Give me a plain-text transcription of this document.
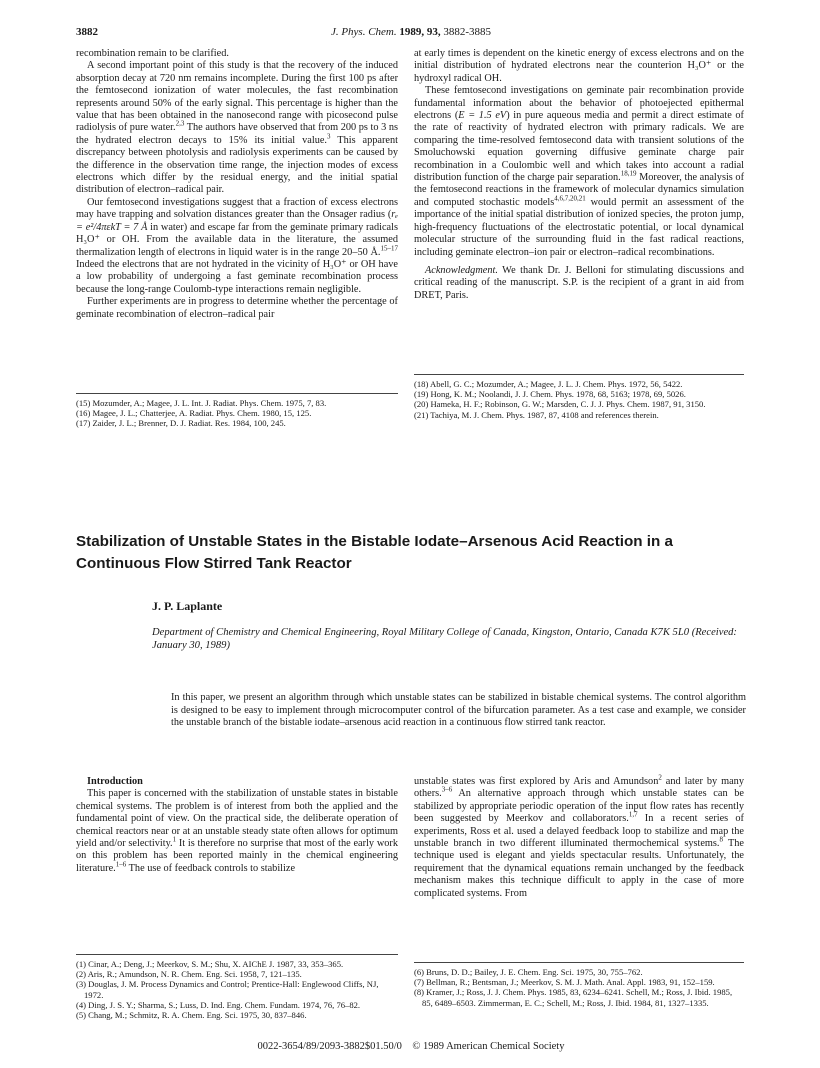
3882	J. Phys. Chem. 1989, 93, 3882-3885

recombination remain to be clarified.

A second important point of this study is that the recovery of the induced absorption decay at 720 nm remains incomplete. During the first 100 ps after the femtosecond ionization of water molecules, the fast recombination represents around 50% of the early signal. This percentage is higher than the value that has been obtained in the nanosecond range with picosecond pulse radiolysis of pure water.$^{2,3}$ The authors have observed that from 200 ps to 3 ns the hydrated electron decays to 15% its initial value.$^3$ This apparent discrepancy between photolysis and radiolysis experiments can be caused by the difference in the observation time range, the injection modes of excess electrons which differ by the residual energy, and the initial spatial distribution of electron–radical pair.

Our femtosecond investigations suggest that a fraction of excess electrons may have trapping and solvation distances greater than the Onsager radius (rₑ = e²/4πεkT = 7 Å in water) and escape far from the geminate primary radicals H₃O⁺ or OH. From the available data in the literature, the assumed thermalization length of electrons in liquid water is in the range 20–50 Å.$^{15-17}$ Indeed the electrons that are not hydrated in the vicinity of H₃O⁺ or OH have a low probability of undergoing a fast geminate recombination process because the long-range Coulomb-type interactions remain negligible.

Further experiments are in progress to determine whether the percentage of geminate recombination of electron–radical pair

at early times is dependent on the kinetic energy of excess electrons and on the initial distribution of hydrated electrons near the counterion H₃O⁺ or the hydroxyl radical OH.

These femtosecond investigations on geminate pair recombination provide fundamental information about the behavior of photoejected epithermal electrons (E = 1.5 eV) in pure aqueous media and permit a direct estimate of the rate of reactivity of hydrated electron with primary radicals. We are comparing the time-resolved femtosecond data with transient solutions of the Smoluchowski equation governing diffusive geminate charge pair recombination in a Coulombic well and which takes into account a radial distribution function of the charge pair separation.$^{18,19}$ Moreover, the analysis of the femtosecond reactions in the framework of molecular dynamics simulation and computed stochastic models$^{4,6,7,20,21}$ would permit an assessment of the importance of the initial spatial distribution of ionized species, the proton jump, high-frequency fluctuations of the electrostatic potential, or local dynamical molecular structure of the surrounding fluid in the fast radical reactions, including geminate electron–ion pair or electron–radical recombinations.

Acknowledgment. We thank Dr. J. Belloni for stimulating discussions and critical reading of the manuscript. S.P. is the recipient of a grant in aid from DRET, Paris.

(15) Mozumder, A.; Magee, J. L. Int. J. Radiat. Phys. Chem. 1975, 7, 83.
(16) Magee, J. L.; Chatterjee, A. Radiat. Phys. Chem. 1980, 15, 125.
(17) Zaider, J. L.; Brenner, D. J. Radiat. Res. 1984, 100, 245.
(18) Abell, G. C.; Mozumder, A.; Magee, J. L. J. Chem. Phys. 1972, 56, 5422.
(19) Hong, K. M.; Noolandi, J. J. Chem. Phys. 1978, 68, 5163; 1978, 69, 5026.
(20) Hameka, H. F.; Robinson, G. W.; Marsden, C. J. J. Phys. Chem. 1987, 91, 3150.
(21) Tachiya, M. J. Chem. Phys. 1987, 87, 4108 and references therein.
Stabilization of Unstable States in the Bistable Iodate–Arsenous Acid Reaction in a Continuous Flow Stirred Tank Reactor
J. P. Laplante
Department of Chemistry and Chemical Engineering, Royal Military College of Canada, Kingston, Ontario, Canada K7K 5L0 (Received: January 30, 1989)
In this paper, we present an algorithm through which unstable states can be stabilized in bistable chemical systems. The control algorithm is designed to be easy to implement through microcomputer control of the bifurcation parameter. As a test case and example, we consider the unstable branch of the bistable iodate–arsenous acid reaction in a continuous flow stirred tank reactor.

Introduction

This paper is concerned with the stabilization of unstable states in bistable chemical systems. The problem is of interest from both the applied and the fundamental point of view. On the practical side, the deliberate operation of chemical reactors near or at an unstable steady state often allows for optimum yield and/or selectivity.$^1$ It is therefore no surprise that most of the early work on this problem has been reported mainly in the chemical engineering literature.$^{1-6}$ The use of feedback controls to stabilize

unstable states was first explored by Aris and Amundson$^2$ and later by many others.$^{3-6}$ An alternative approach through which unstable states can be stabilized by appropriate periodic operation of the input flow rates has recently been suggested by Meerkov and collaborators.$^{1,7}$ In a recent series of experiments, Ross et al. used a delayed feedback loop to stabilize and map the unstable branch in two different illuminated thermochemical systems.$^8$ The technique used is elegant and yields spectacular results. Unfortunately, the requirement that the dynamical equations remain unchanged by the feedback mechanism makes this technique difficult to apply in the case of more complicated systems. From

(1) Cinar, A.; Deng, J.; Meerkov, S. M.; Shu, X. AIChE J. 1987, 33, 353–365.
(2) Aris, R.; Amundson, N. R. Chem. Eng. Sci. 1958, 7, 121–135.
(3) Douglas, J. M. Process Dynamics and Control; Prentice-Hall: Englewood Cliffs, NJ, 1972.
(4) Ding, J. S. Y.; Sharma, S.; Luss, D. Ind. Eng. Chem. Fundam. 1974, 76, 76–82.
(5) Chang, M.; Schmitz, R. A. Chem. Eng. Sci. 1975, 30, 837–846.
(6) Bruns, D. D.; Bailey, J. E. Chem. Eng. Sci. 1975, 30, 755–762.
(7) Bellman, R.; Bentsman, J.; Meerkov, S. M. J. Math. Anal. Appl. 1983, 91, 152–159.
(8) Kramer, J.; Ross, J. J. Chem. Phys. 1985, 83, 6234–6241. Schell, M.; Ross, J. Ibid. 1985, 85, 6489–6503. Zimmerman, E. C.; Schell, M.; Ross, J. Ibid. 1984, 81, 1327–1335.
0022-3654/89/2093-3882$01.50/0 © 1989 American Chemical Society
